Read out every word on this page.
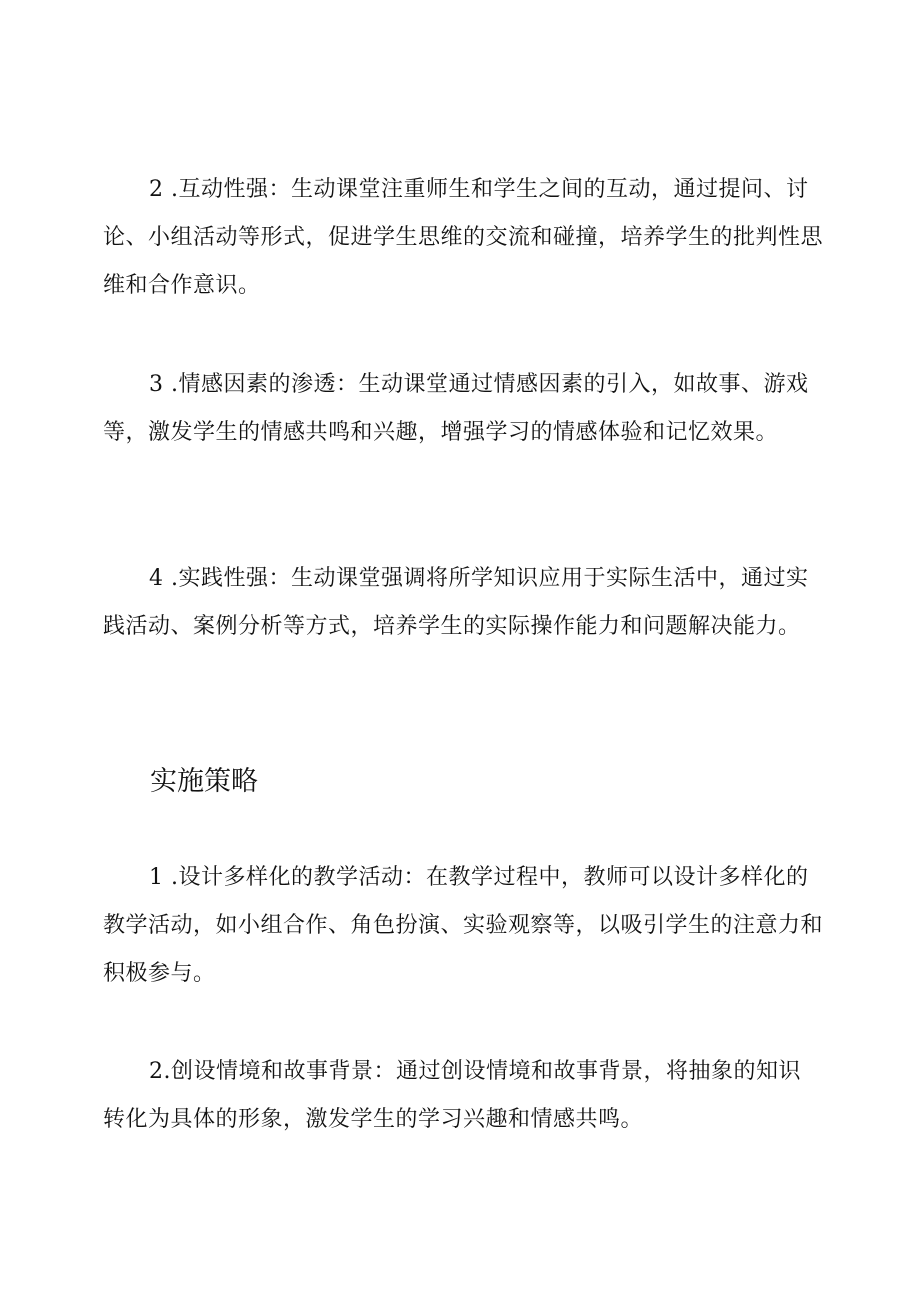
2 .互动性强：生动课堂注重师生和学生之间的互动，通过提问、讨论、小组活动等形式，促进学生思维的交流和碰撞，培养学生的批判性思维和合作意识。

3 .情感因素的渗透：生动课堂通过情感因素的引入，如故事、游戏等，激发学生的情感共鸣和兴趣，增强学习的情感体验和记忆效果。

4 .实践性强：生动课堂强调将所学知识应用于实际生活中，通过实践活动、案例分析等方式，培养学生的实际操作能力和问题解决能力。

实施策略

1 .设计多样化的教学活动：在教学过程中，教师可以设计多样化的教学活动，如小组合作、角色扮演、实验观察等，以吸引学生的注意力和积极参与。

2.创设情境和故事背景：通过创设情境和故事背景，将抽象的知识转化为具体的形象，激发学生的学习兴趣和情感共鸣。
